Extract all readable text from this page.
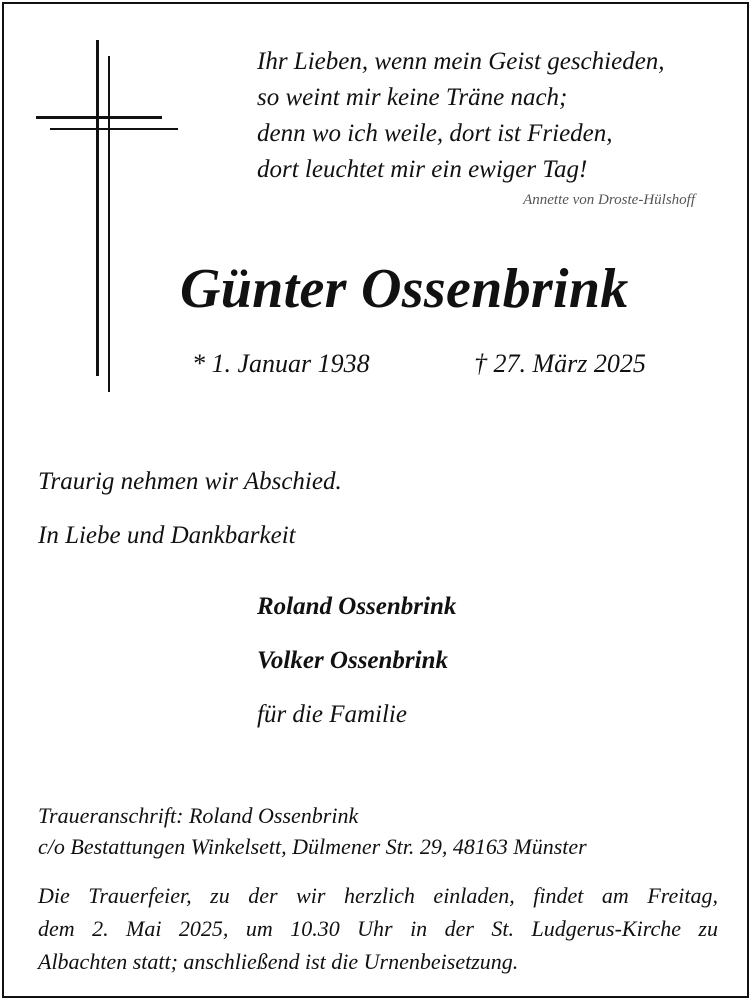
Ihr Lieben, wenn mein Geist geschieden,
so weint mir keine Träne nach;
denn wo ich weile, dort ist Frieden,
dort leuchtet mir ein ewiger Tag!
Annette von Droste-Hülshoff
Günter Ossenbrink
* 1. Januar 1938	† 27. März 2025
Traurig nehmen wir Abschied.
In Liebe und Dankbarkeit
Roland Ossenbrink
Volker Ossenbrink
für die Familie
Traueranschrift: Roland Ossenbrink
c/o Bestattungen Winkelsett, Dülmener Str. 29, 48163 Münster
Die Trauerfeier, zu der wir herzlich einladen, findet am Freitag,
dem 2. Mai 2025, um 10.30 Uhr in der St. Ludgerus-Kirche zu
Albachten statt; anschließend ist die Urnenbeisetzung.
